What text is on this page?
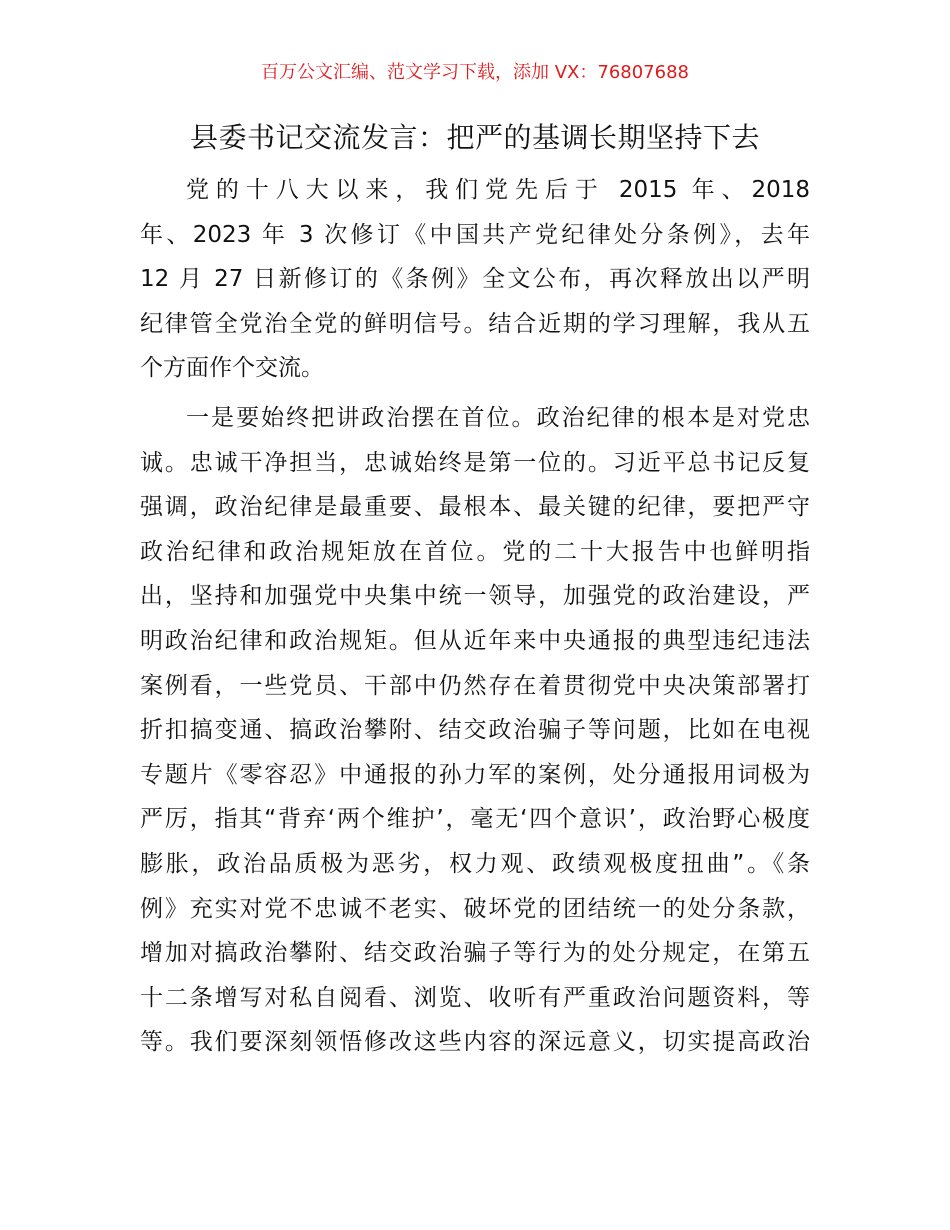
百万公文汇编、范文学习下载，添加 VX：76807688
县委书记交流发言：把严的基调长期坚持下去
党的十八大以来，我们党先后于 2015 年、2018
年、2023 年 3 次修订《中国共产党纪律处分条例》，去年
12 月 27 日新修订的《条例》全文公布，再次释放出以严明
纪律管全党治全党的鲜明信号。结合近期的学习理解，我从五
个方面作个交流。
一是要始终把讲政治摆在首位。政治纪律的根本是对党忠
诚。忠诚干净担当，忠诚始终是第一位的。习近平总书记反复
强调，政治纪律是最重要、最根本、最关键的纪律，要把严守
政治纪律和政治规矩放在首位。党的二十大报告中也鲜明指
出，坚持和加强党中央集中统一领导，加强党的政治建设，严
明政治纪律和政治规矩。但从近年来中央通报的典型违纪违法
案例看，一些党员、干部中仍然存在着贯彻党中央决策部署打
折扣搞变通、搞政治攀附、结交政治骗子等问题，比如在电视
专题片《零容忍》中通报的孙力军的案例，处分通报用词极为
严厉，指其“背弃‘两个维护’，毫无‘四个意识’，政治野心极度
膨胀，政治品质极为恶劣，权力观、政绩观极度扭曲”。《条
例》充实对党不忠诚不老实、破坏党的团结统一的处分条款，
增加对搞政治攀附、结交政治骗子等行为的处分规定，在第五
十二条增写对私自阅看、浏览、收听有严重政治问题资料，等
等。我们要深刻领悟修改这些内容的深远意义，切实提高政治
